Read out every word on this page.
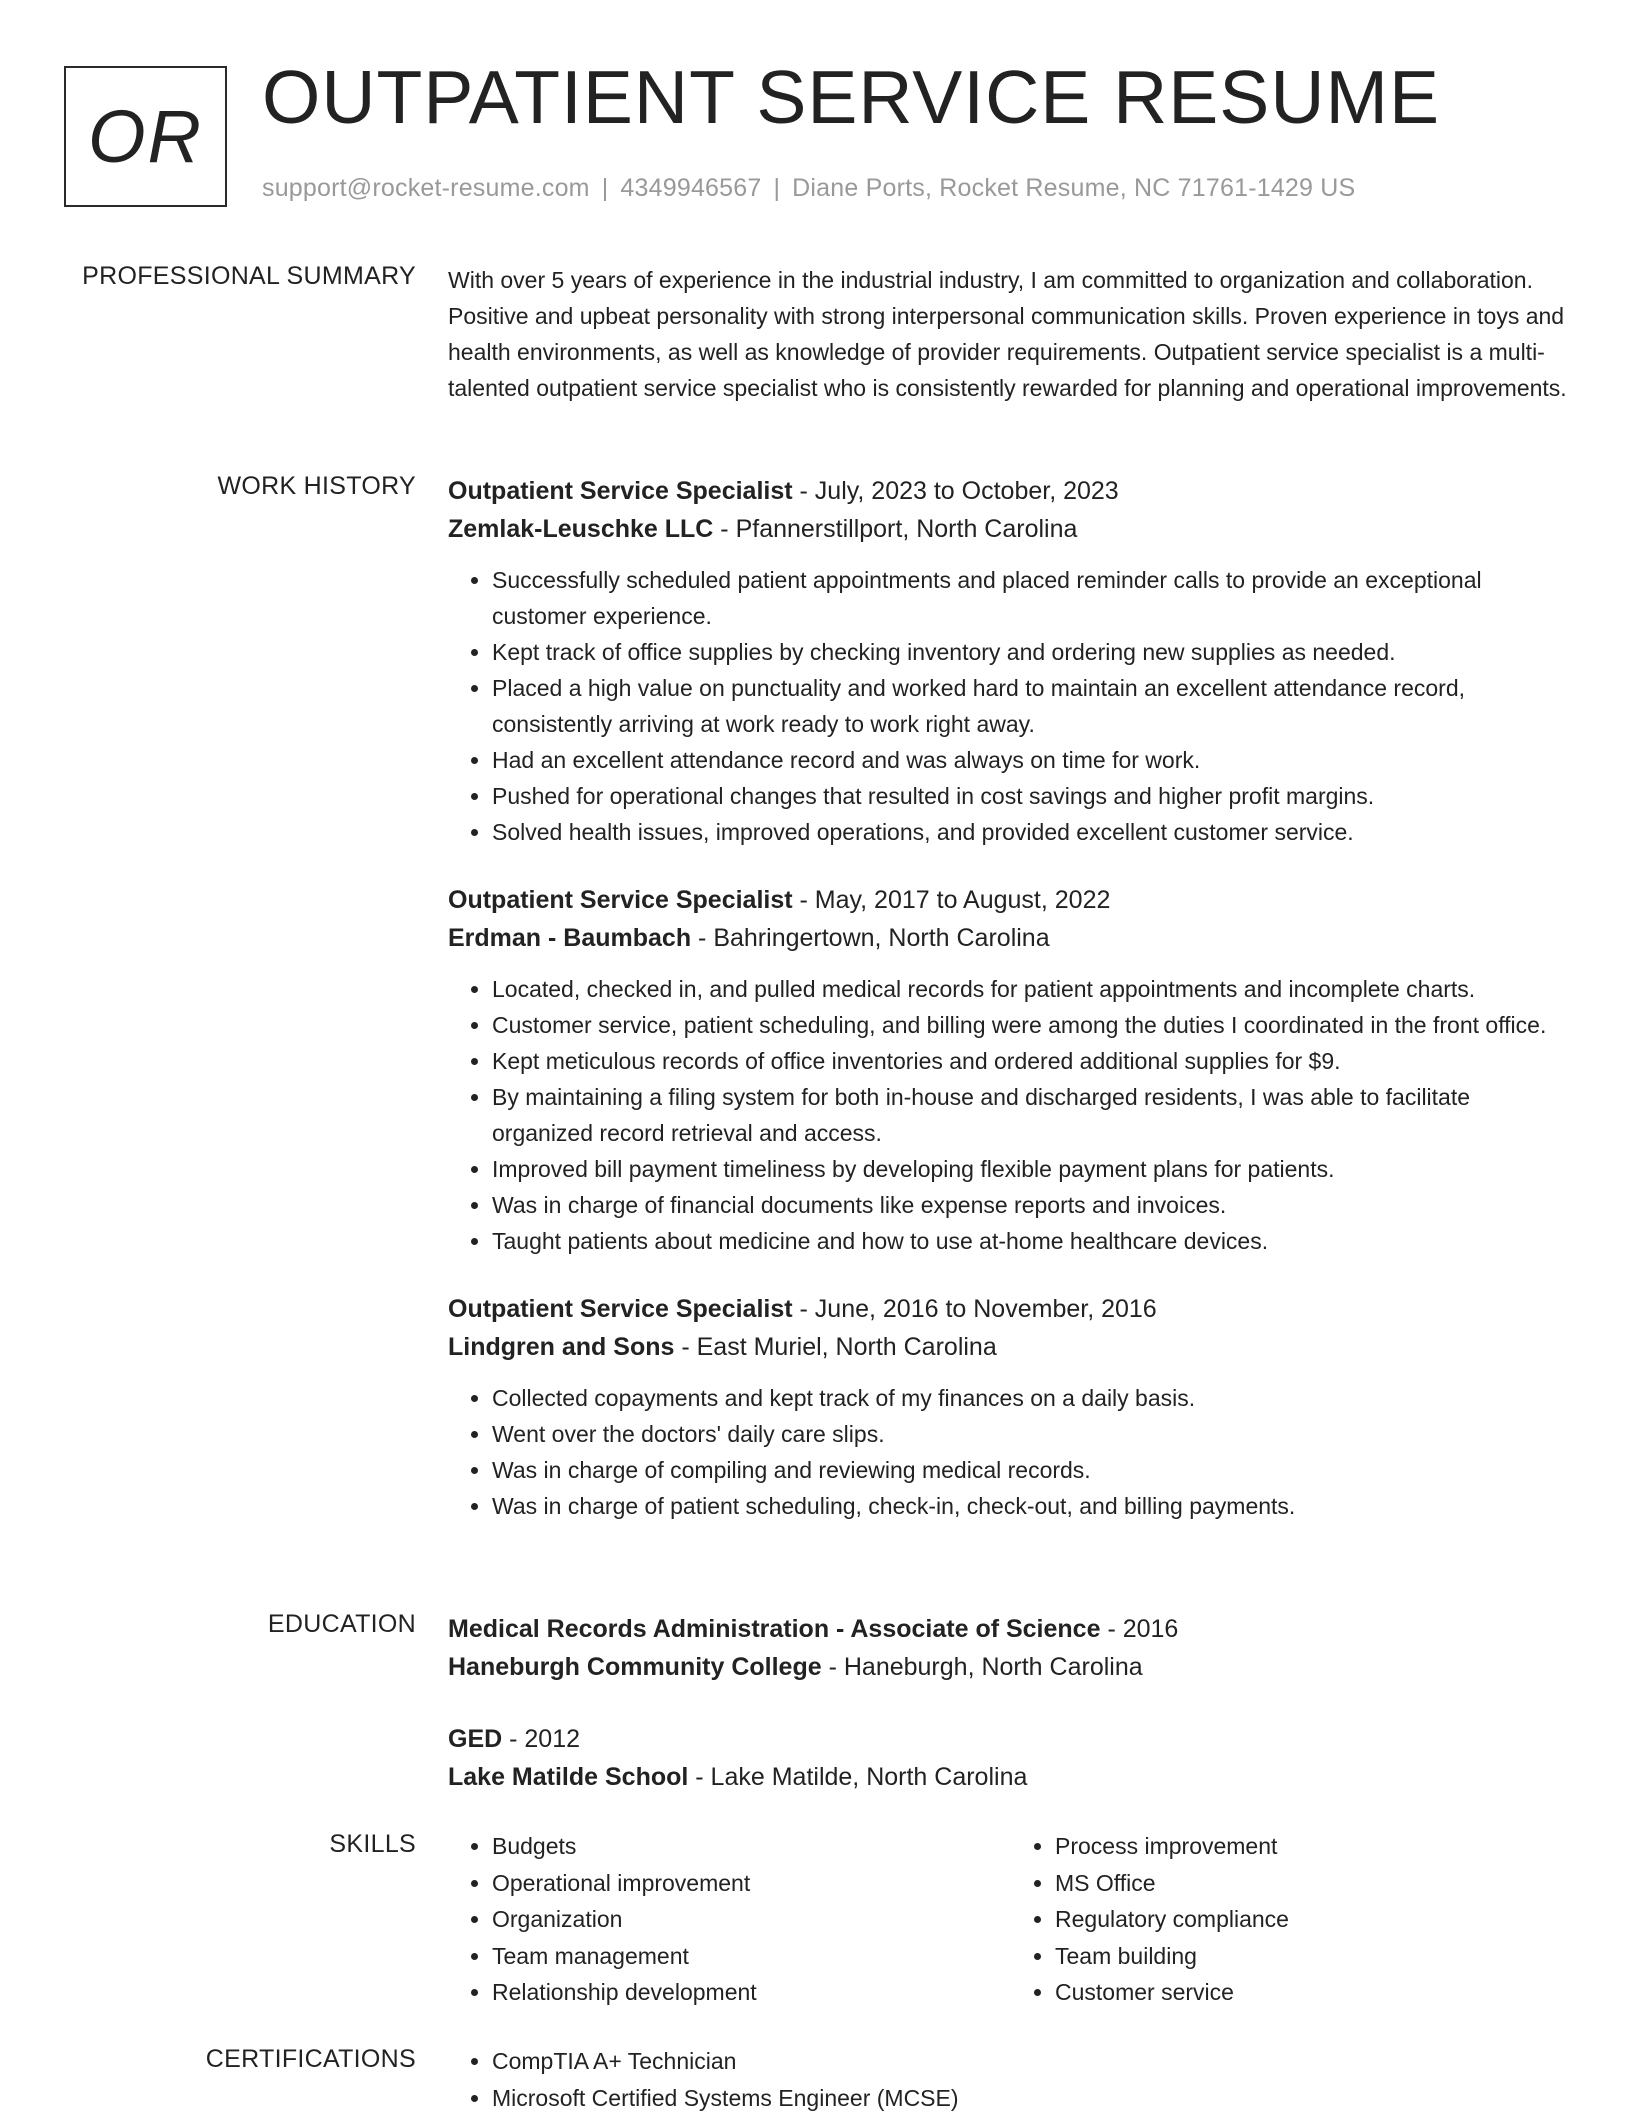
OR OUTPATIENT SERVICE RESUME
support@rocket-resume.com | 4349946567 | Diane Ports, Rocket Resume, NC 71761-1429 US
PROFESSIONAL SUMMARY With over 5 years of experience in the industrial industry, I am committed to organization and collaboration. Positive and upbeat personality with strong interpersonal communication skills. Proven experience in toys and health environments, as well as knowledge of provider requirements. Outpatient service specialist is a multi-talented outpatient service specialist who is consistently rewarded for planning and operational improvements.

WORK HISTORY Outpatient Service Specialist - July, 2023 to October, 2023
Zemlak-Leuschke LLC - Pfannerstillport, North Carolina
• Successfully scheduled patient appointments and placed reminder calls to provide an exceptional customer experience.
• Kept track of office supplies by checking inventory and ordering new supplies as needed.
• Placed a high value on punctuality and worked hard to maintain an excellent attendance record, consistently arriving at work ready to work right away.
• Had an excellent attendance record and was always on time for work.
• Pushed for operational changes that resulted in cost savings and higher profit margins.
• Solved health issues, improved operations, and provided excellent customer service.
Outpatient Service Specialist - May, 2017 to August, 2022
Erdman - Baumbach - Bahringertown, North Carolina
• Located, checked in, and pulled medical records for patient appointments and incomplete charts.
• Customer service, patient scheduling, and billing were among the duties I coordinated in the front office.
• Kept meticulous records of office inventories and ordered additional supplies for $9.
• By maintaining a filing system for both in-house and discharged residents, I was able to facilitate organized record retrieval and access.
• Improved bill payment timeliness by developing flexible payment plans for patients.
• Was in charge of financial documents like expense reports and invoices.
• Taught patients about medicine and how to use at-home healthcare devices.
Outpatient Service Specialist - June, 2016 to November, 2016
Lindgren and Sons - East Muriel, North Carolina
• Collected copayments and kept track of my finances on a daily basis.
• Went over the doctors' daily care slips.
• Was in charge of compiling and reviewing medical records.
• Was in charge of patient scheduling, check-in, check-out, and billing payments.
EDUCATION Medical Records Administration - Associate of Science - 2016
Haneburgh Community College - Haneburgh, North Carolina
GED - 2012
Lake Matilde School - Lake Matilde, North Carolina
SKILLS	• Budgets
• Operational improvement
• Organization
• Team management
• Relationship development
• Process improvement
• MS Office
• Regulatory compliance
• Team building
• Customer service
CERTIFICATIONS	• CompTIA A+ Technician
• Microsoft Certified Systems Engineer (MCSE)
